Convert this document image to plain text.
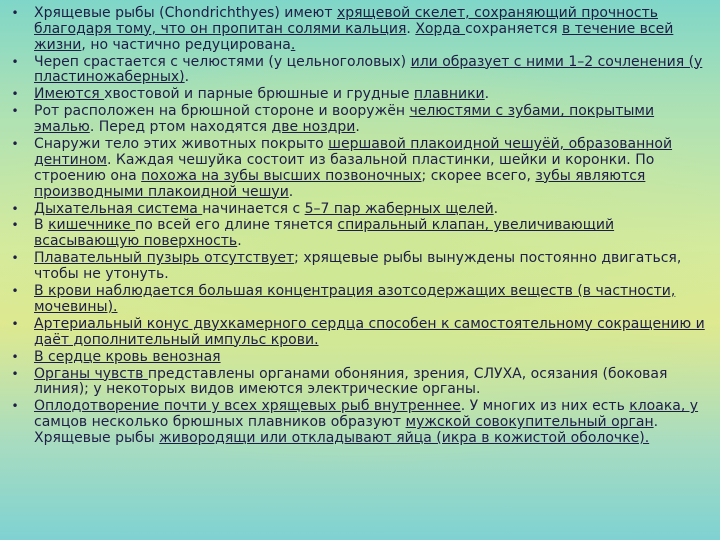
• Хрящевые рыбы (Chondrichthyes) имеют хрящевой скелет, сохраняющий прочность благодаря тому, что он пропитан солями кальция. Хорда сохраняется в течение всей жизни, но частично редуцирована.
• Череп срастается с челюстями (у цельноголовых) или образует с ними 1–2 сочленения (у пластиножаберных).
• Имеются хвостовой и парные брюшные и грудные плавники.
• Рот расположен на брюшной стороне и вооружён челюстями с зубами, покрытыми эмалью. Перед ртом находятся две ноздри.
• Снаружи тело этих животных покрыто шершавой плакоидной чешуёй, образованной дентином. Каждая чешуйка состоит из базальной пластинки, шейки и коронки. По строению она похожа на зубы высших позвоночных; скорее всего, зубы являются производными плакоидной чешуи.
• Дыхательная система начинается с 5–7 пар жаберных щелей.
• В кишечнике по всей его длине тянется спиральный клапан, увеличивающий всасывающую поверхность.
• Плавательный пузырь отсутствует; хрящевые рыбы вынуждены постоянно двигаться, чтобы не утонуть.
• В крови наблюдается большая концентрация азотсодержащих веществ (в частности, мочевины).
• Артериальный конус двухкамерного сердца способен к самостоятельному сокращению и даёт дополнительный импульс крови.
• В сердце кровь венозная
• Органы чувств представлены органами обоняния, зрения, СЛУХА, осязания (боковая линия); у некоторых видов имеются электрические органы.
• Оплодотворение почти у всех хрящевых рыб внутреннее. У многих из них есть клоака, у самцов несколько брюшных плавников образуют мужской совокупительный орган. Хрящевые рыбы живородящи или откладывают яйца (икра в кожистой оболочке).
